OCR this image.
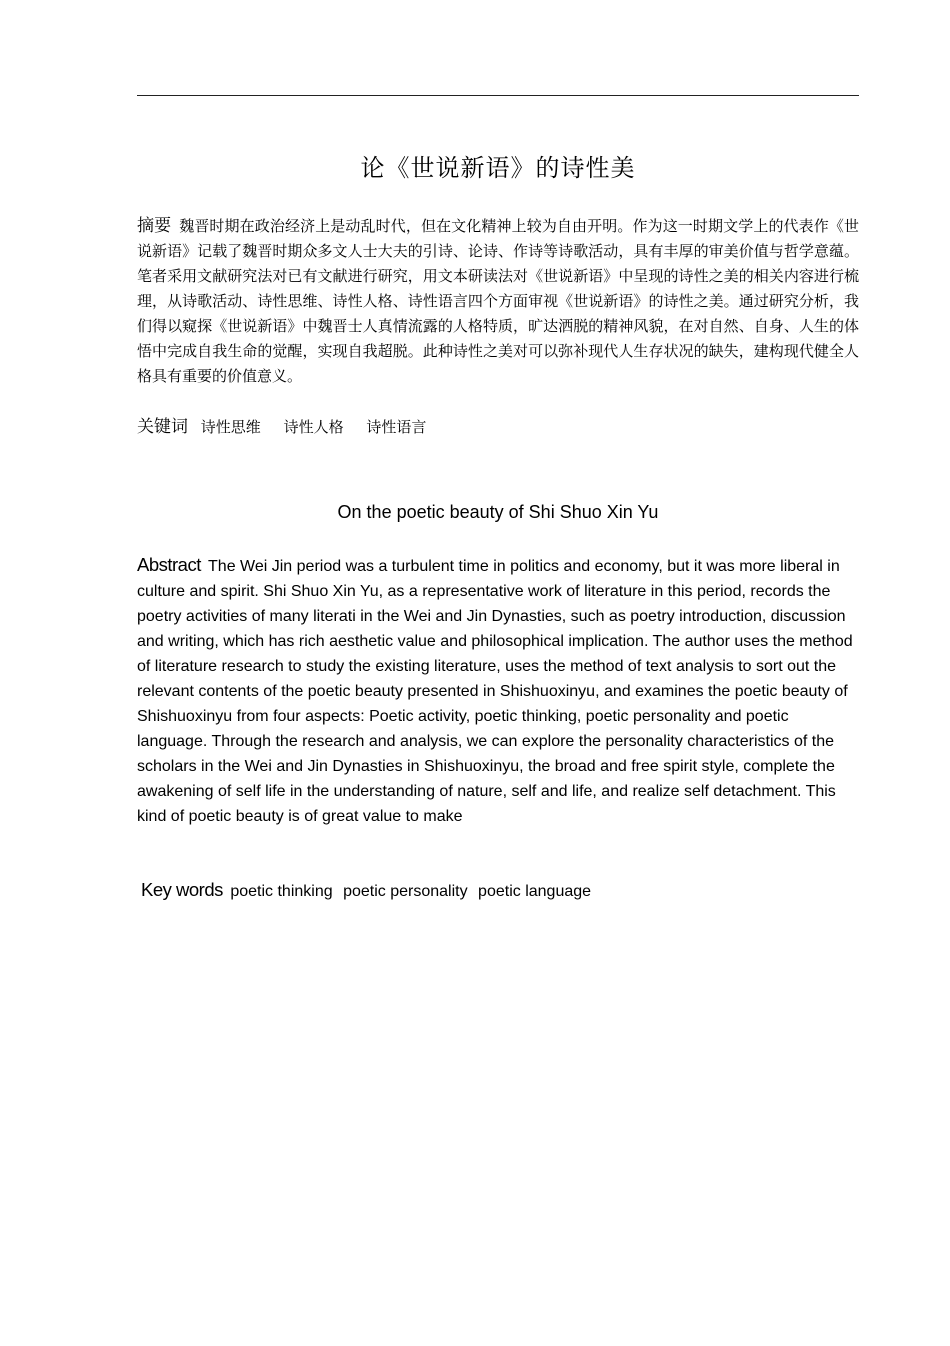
论《世说新语》的诗性美
摘要 魏晋时期在政治经济上是动乱时代，但在文化精神上较为自由开明。作为这一时期文学上的代表作《世说新语》记载了魏晋时期众多文人士大夫的引诗、论诗、作诗等诗歌活动，具有丰厚的审美价值与哲学意蕴。笔者采用文献研究法对已有文献进行研究，用文本研读法对《世说新语》中呈现的诗性之美的相关内容进行梳理，从诗歌活动、诗性思维、诗性人格、诗性语言四个方面审视《世说新语》的诗性之美。通过研究分析，我们得以窥探《世说新语》中魏晋士人真情流露的人格特质，旷达洒脱的精神风貌，在对自然、自身、人生的体悟中完成自我生命的觉醒，实现自我超脱。此种诗性之美对可以弥补现代人生存状况的缺失，建构现代健全人格具有重要的价值意义。
关键词 诗性思维 诗性人格 诗性语言
On the poetic beauty of Shi Shuo Xin Yu
Abstract The Wei Jin period was a turbulent time in politics and economy, but it was more liberal in culture and spirit. Shi Shuo Xin Yu, as a representative work of literature in this period, records the poetry activities of many literati in the Wei and Jin Dynasties, such as poetry introduction, discussion and writing, which has rich aesthetic value and philosophical implication. The author uses the method of literature research to study the existing literature, uses the method of text analysis to sort out the relevant contents of the poetic beauty presented in Shishuoxinyu, and examines the poetic beauty of Shishuoxinyu from four aspects: Poetic activity, poetic thinking, poetic personality and poetic language. Through the research and analysis, we can explore the personality characteristics of the scholars in the Wei and Jin Dynasties in Shishuoxinyu, the broad and free spirit style, complete the awakening of self life in the understanding of nature, self and life, and realize self detachment. This kind of poetic beauty is of great value to make
Key words poetic thinking poetic personality poetic language
